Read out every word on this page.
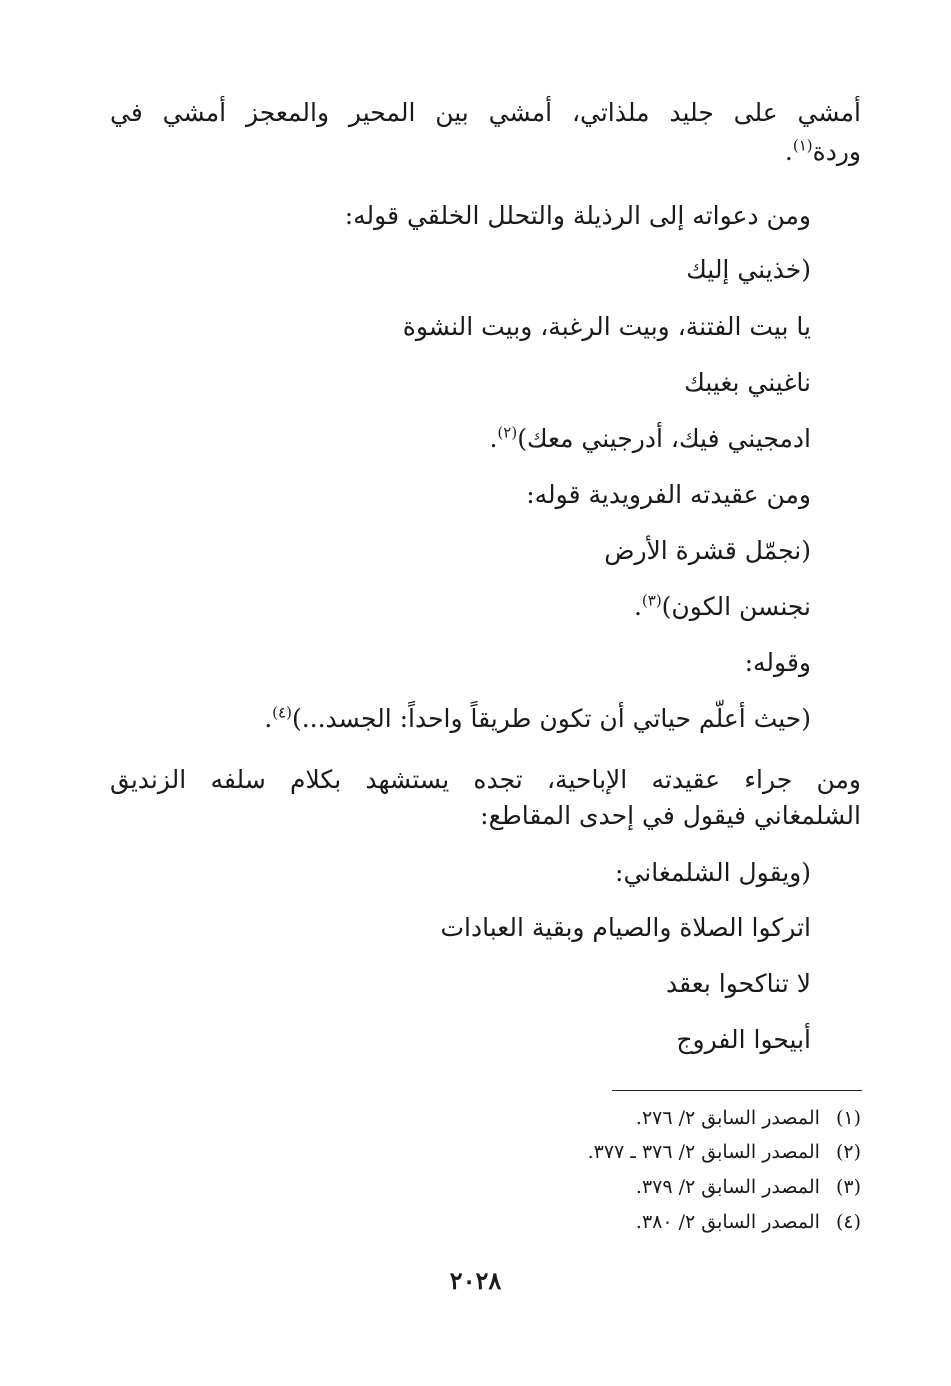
أمشي على جليد ملذاتي، أمشي بين المحير والمعجز أمشي في
وردة$^{(١)}$.
ومن دعواته إلى الرذيلة والتحلل الخلقي قوله:
(خذيني إليك
يا بيت الفتنة، وبيت الرغبة، وبيت النشوة
ناغيني بغيبك
ادمجيني فيك، أدرجيني معك)$^{(٢)}$.
ومن عقيدته الفرويدية قوله:
(نجمّل قشرة الأرض
نجنسن الكون)$^{(٣)}$.
وقوله:
(حيث أعلّم حياتي أن تكون طريقاً واحداً: الجسد...)$^{(٤)}$.
ومن جراء عقيدته الإباحية، تجده يستشهد بكلام سلفه الزنديق
الشلمغاني فيقول في إحدى المقاطع:
(ويقول الشلمغاني:
اتركوا الصلاة والصيام وبقية العبادات
لا تناكحوا بعقد
أبيحوا الفروج
(١)المصدر السابق ٢/ ٢٧٦.
(٢)المصدر السابق ٢/ ٣٧٦ ـ ٣٧٧.
(٣)المصدر السابق ٢/ ٣٧٩.
(٤)المصدر السابق ٢/ ٣٨٠.
٢٠٢٨
